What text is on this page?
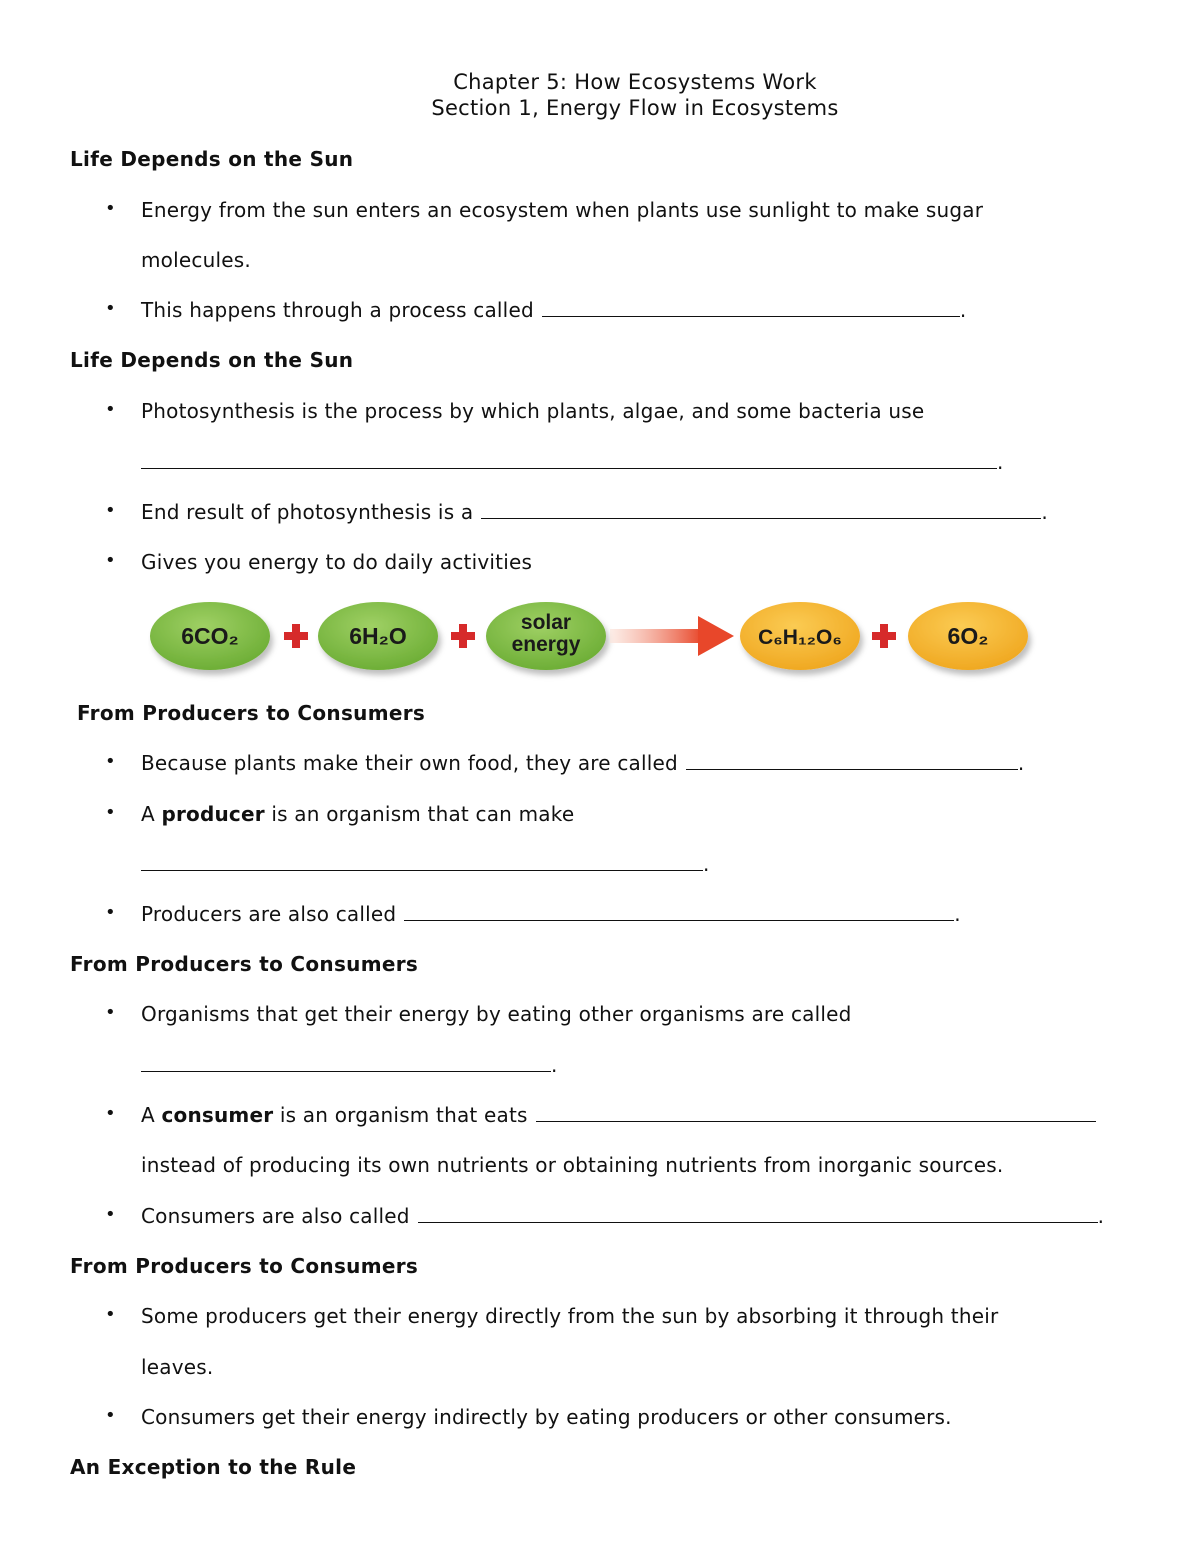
Chapter 5: How Ecosystems Work
Section 1, Energy Flow in Ecosystems
Life Depends on the Sun
• Energy from the sun enters an ecosystem when plants use sunlight to make sugar
molecules.
• This happens through a process called	.
Life Depends on the Sun
• Photosynthesis is the process by which plants, algae, and some bacteria use
.
• End result of photosynthesis is a	.
• Gives you energy to do daily activities
6CO₂	6H₂O
solar
energy	C₆H₁₂O₆	6O₂
From Producers to Consumers
• Because plants make their own food, they are called	.
• A producer is an organism that can make
.
• Producers are also called	.
From Producers to Consumers
• Organisms that get their energy by eating other organisms are called
.
• A consumer is an organism that eats
instead of producing its own nutrients or obtaining nutrients from inorganic sources.
• Consumers are also called	.
From Producers to Consumers
• Some producers get their energy directly from the sun by absorbing it through their
leaves.
• Consumers get their energy indirectly by eating producers or other consumers.
An Exception to the Rule
